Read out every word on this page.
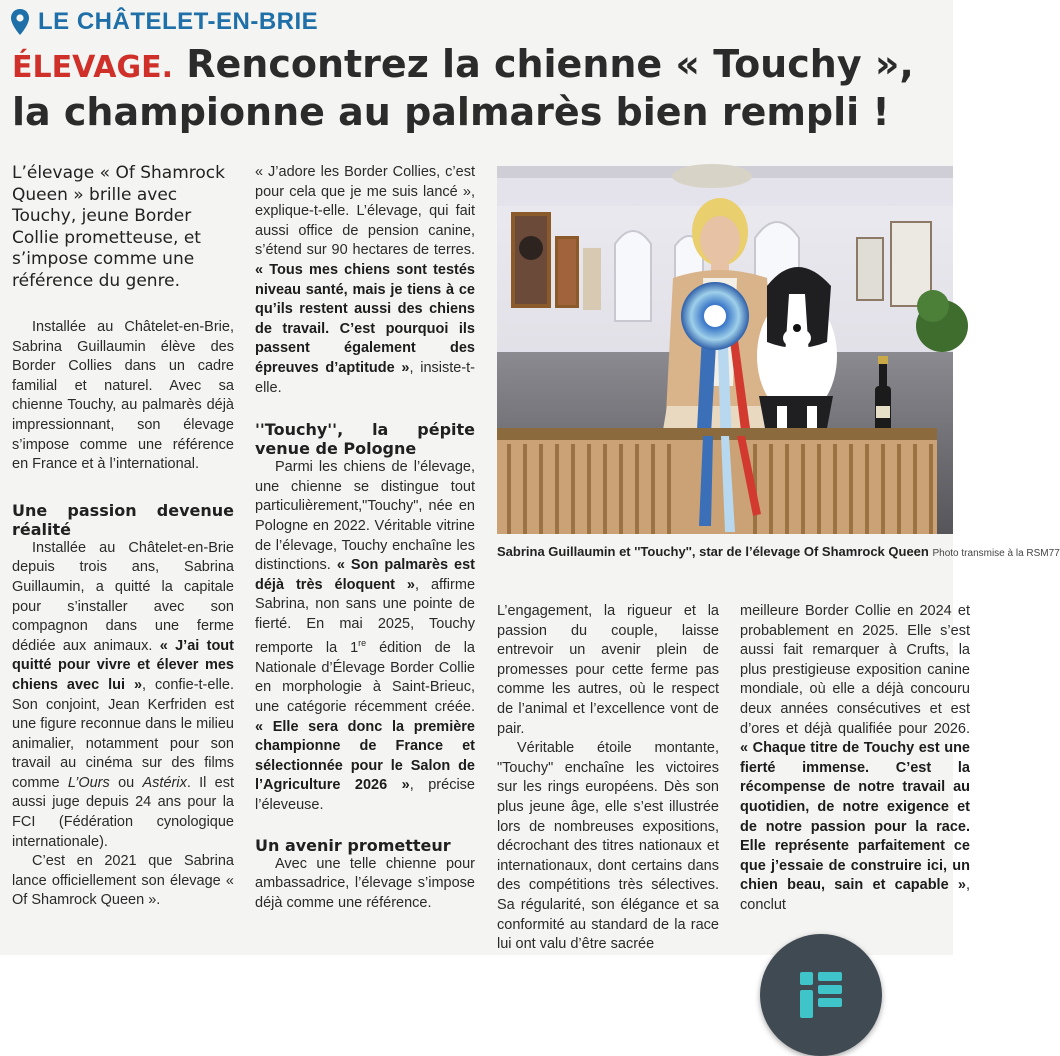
LE CHÂTELET-EN-BRIE
ÉLEVAGE. Rencontrez la chienne « Touchy », la championne au palmarès bien rempli !

L’élevage « Of Shamrock Queen » brille avec Touchy, jeune Border Collie prometteuse, et s’impose comme une référence du genre.

Installée au Châtelet-en-Brie, Sabrina Guillaumin élève des Border Collies dans un cadre familial et naturel. Avec sa chienne Touchy, au palmarès déjà impressionnant, son élevage s’impose comme une référence en France et à l’international.

Une passion devenue réalité

Installée au Châtelet-en-Brie depuis trois ans, Sabrina Guillaumin, a quitté la capitale pour s’installer avec son compagnon dans une ferme dédiée aux animaux. « J’ai tout quitté pour vivre et élever mes chiens avec lui », confie-t-elle. Son conjoint, Jean Kerfriden est une figure reconnue dans le milieu animalier, notamment pour son travail au cinéma sur des films comme L’Ours ou Astérix. Il est aussi juge depuis 24 ans pour la FCI (Fédération cynologique internationale).

C’est en 2021 que Sabrina lance officiellement son élevage « Of Shamrock Queen ».

« J’adore les Border Collies, c’est pour cela que je me suis lancé », explique-t-elle. L’élevage, qui fait aussi office de pension canine, s’étend sur 90 hectares de terres. « Tous mes chiens sont testés niveau santé, mais je tiens à ce qu’ils restent aussi des chiens de travail. C’est pourquoi ils passent également des épreuves d’aptitude », insiste-t-elle.

''Touchy'', la pépite venue de Pologne

Parmi les chiens de l’élevage, une chienne se distingue tout particulièrement,"Touchy", née en Pologne en 2022. Véritable vitrine de l’élevage, Touchy enchaîne les distinctions. « Son palmarès est déjà très éloquent », affirme Sabrina, non sans une pointe de fierté. En mai 2025, Touchy remporte la 1re édition de la Nationale d’Élevage Border Collie en morphologie à Saint-Brieuc, une catégorie récemment créée. « Elle sera donc la première championne de France et sélectionnée pour le Salon de l’Agriculture 2026 », précise l’éleveuse.

Un avenir prometteur

Avec une telle chienne pour ambassadrice, l’élevage s’impose déjà comme une référence.

Sabrina Guillaumin et ''Touchy'', star de l’élevage Of Shamrock Queen Photo transmise à la RSM77

L’engagement, la rigueur et la passion du couple, laisse entrevoir un avenir plein de promesses pour cette ferme pas comme les autres, où le respect de l’animal et l’excellence vont de pair.

Véritable étoile montante, "Touchy" enchaîne les victoires sur les rings européens. Dès son plus jeune âge, elle s’est illustrée lors de nombreuses expositions, décrochant des titres nationaux et internationaux, dont certains dans des compétitions très sélectives. Sa régularité, son élégance et sa conformité au standard de la race lui ont valu d’être sacrée

meilleure Border Collie en 2024 et probablement en 2025. Elle s’est aussi fait remarquer à Crufts, la plus prestigieuse exposition canine mondiale, où elle a déjà concouru deux années consécutives et est d’ores et déjà qualifiée pour 2026. « Chaque titre de Touchy est une fierté immense. C’est la récompense de notre travail au quotidien, de notre exigence et de notre passion pour la race. Elle représente parfaitement ce que j’essaie de construire ici, un chien beau, sain et capable », conclut
